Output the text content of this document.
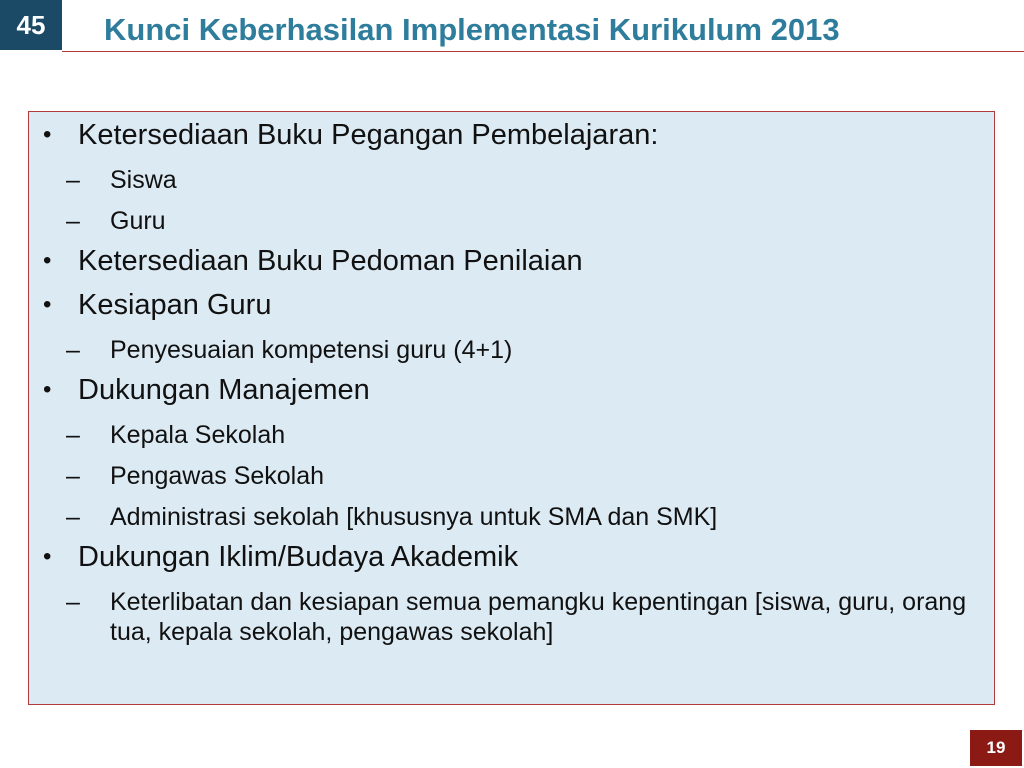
45 Kunci Keberhasilan Implementasi Kurikulum 2013
• Ketersediaan Buku Pegangan Pembelajaran:
–	Siswa
–	Guru
• Ketersediaan Buku Pedoman Penilaian
• Kesiapan Guru
–	Penyesuaian kompetensi guru (4+1)
• Dukungan Manajemen
–	Kepala Sekolah
–	Pengawas Sekolah
–	Administrasi sekolah [khususnya untuk SMA dan SMK]
• Dukungan Iklim/Budaya Akademik
–	Keterlibatan dan kesiapan semua pemangku kepentingan [siswa, guru, orang tua, kepala sekolah, pengawas sekolah]
19
